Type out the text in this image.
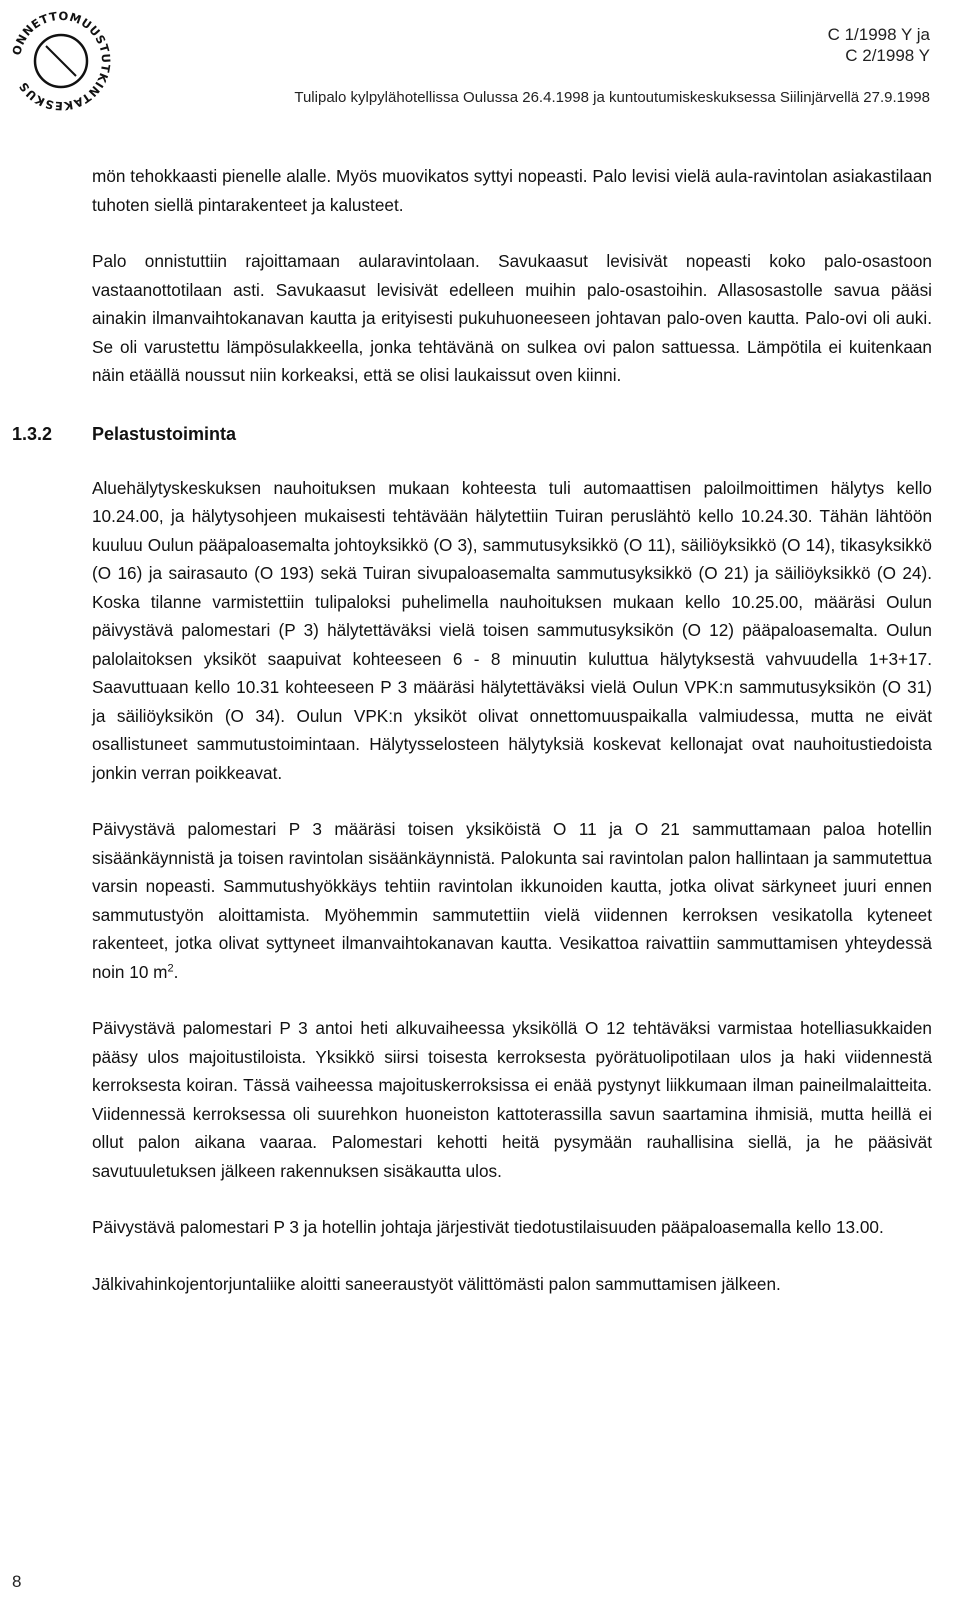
ONNETTOMUUSTUTKINTAKESKUS
C 1/1998 Y ja
C 2/1998 Y
Tulipalo kylpylähotellissa Oulussa 26.4.1998 ja kuntoutumiskeskuksessa Siilinjärvellä 27.9.1998

mön tehokkaasti pienelle alalle. Myös muovikatos syttyi nopeasti. Palo levisi vielä aula-ravintolan asiakastilaan tuhoten siellä pintarakenteet ja kalusteet.

Palo onnistuttiin rajoittamaan aularavintolaan. Savukaasut levisivät nopeasti koko palo-osastoon vastaanottotilaan asti. Savukaasut levisivät edelleen muihin palo-osastoihin. Allasosastolle savua pääsi ainakin ilmanvaihtokanavan kautta ja erityisesti pukuhuoneeseen johtavan palo-oven kautta. Palo-ovi oli auki. Se oli varustettu lämpösulakkeella, jonka tehtävänä on sulkea ovi palon sattuessa. Lämpötila ei kuitenkaan näin etäällä noussut niin korkeaksi, että se olisi laukaissut oven kiinni.

1.3.2 Pelastustoiminta

Aluehälytyskeskuksen nauhoituksen mukaan kohteesta tuli automaattisen paloilmoittimen hälytys kello 10.24.00, ja hälytysohjeen mukaisesti tehtävään hälytettiin Tuiran peruslähtö kello 10.24.30. Tähän lähtöön kuuluu Oulun pääpaloasemalta johtoyksikkö (O 3), sammutusyksikkö (O 11), säiliöyksikkö (O 14), tikasyksikkö (O 16) ja sairasauto (O 193) sekä Tuiran sivupaloasemalta sammutusyksikkö (O 21) ja säiliöyksikkö (O 24). Koska tilanne varmistettiin tulipaloksi puhelimella nauhoituksen mukaan kello 10.25.00, määräsi Oulun päivystävä palomestari (P 3) hälytettäväksi vielä toisen sammutusyksikön (O 12) pääpaloasemalta. Oulun palolaitoksen yksiköt saapuivat kohteeseen 6 - 8 minuutin kuluttua hälytyksestä vahvuudella 1+3+17. Saavuttuaan kello 10.31 kohteeseen P 3 määräsi hälytettäväksi vielä Oulun VPK:n sammutusyksikön (O 31) ja säiliöyksikön (O 34). Oulun VPK:n yksiköt olivat onnettomuuspaikalla valmiudessa, mutta ne eivät osallistuneet sammutustoimintaan. Hälytysselosteen hälytyksiä koskevat kellonajat ovat nauhoitustiedoista jonkin verran poikkeavat.

Päivystävä palomestari P 3 määräsi toisen yksiköistä O 11 ja O 21 sammuttamaan paloa hotellin sisäänkäynnistä ja toisen ravintolan sisäänkäynnistä. Palokunta sai ravintolan palon hallintaan ja sammutettua varsin nopeasti. Sammutushyökkäys tehtiin ravintolan ikkunoiden kautta, jotka olivat särkyneet juuri ennen sammutustyön aloittamista. Myöhemmin sammutettiin vielä viidennen kerroksen vesikatolla kyteneet rakenteet, jotka olivat syttyneet ilmanvaihtokanavan kautta. Vesikattoa raivattiin sammuttamisen yhteydessä noin 10 $m^2$.

Päivystävä palomestari P 3 antoi heti alkuvaiheessa yksiköllä O 12 tehtäväksi varmistaa hotelliasukkaiden pääsy ulos majoitustiloista. Yksikkö siirsi toisesta kerroksesta pyörätuolipotilaan ulos ja haki viidennestä kerroksesta koiran. Tässä vaiheessa majoituskerroksissa ei enää pystynyt liikkumaan ilman paineilmalaitteita. Viidennessä kerroksessa oli suurehkon huoneiston kattoterassilla savun saartamina ihmisiä, mutta heillä ei ollut palon aikana vaaraa. Palomestari kehotti heitä pysymään rauhallisina siellä, ja he pääsivät savutuuletuksen jälkeen rakennuksen sisäkautta ulos.

Päivystävä palomestari P 3 ja hotellin johtaja järjestivät tiedotustilaisuuden pääpaloasemalla kello 13.00.

Jälkivahinkojentorjuntaliike aloitti saneeraustyöt välittömästi palon sammuttamisen jälkeen.

8
